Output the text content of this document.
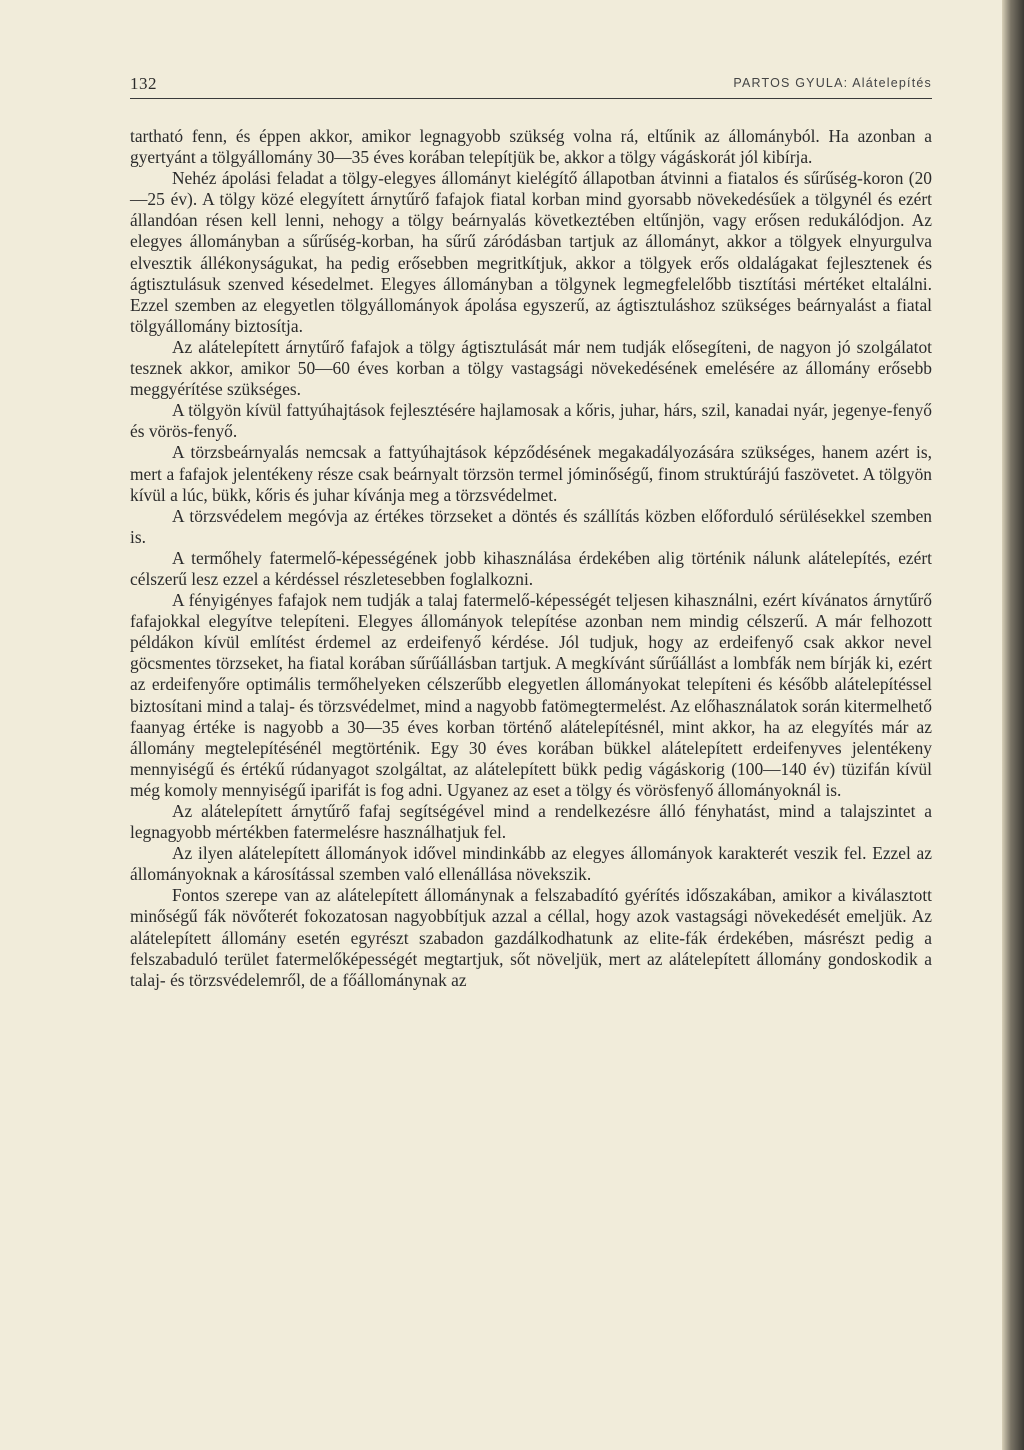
132	PARTOS GYULA: Alátelepítés

tartható fenn, és éppen akkor, amikor legnagyobb szükség volna rá, eltűnik az állományból. Ha azonban a gyertyánt a tölgyállomány 30—35 éves korában telepítjük be, akkor a tölgy vágáskorát jól kibírja.

Nehéz ápolási feladat a tölgy-elegyes állományt kielégítő állapotban átvinni a fiatalos és sűrűség-koron (20—25 év). A tölgy közé elegyített árnytűrő fafajok fiatal korban mind gyorsabb növekedésűek a tölgynél és ezért állandóan résen kell lenni, nehogy a tölgy beárnyalás következtében eltűnjön, vagy erősen redukálódjon. Az elegyes állományban a sűrűség-korban, ha sűrű záródásban tartjuk az állományt, akkor a tölgyek elnyurgulva elvesztik állékonyságukat, ha pedig erősebben megritkítjuk, akkor a tölgyek erős oldalágakat fejlesztenek és ágtisztulásuk szenved késedelmet. Elegyes állományban a tölgynek legmegfelelőbb tisztítási mértéket eltalálni. Ezzel szemben az elegyetlen tölgyállományok ápolása egyszerű, az ágtisztuláshoz szükséges beárnyalást a fiatal tölgyállomány biztosítja.

Az alátelepített árnytűrő fafajok a tölgy ágtisztulását már nem tudják elősegíteni, de nagyon jó szolgálatot tesznek akkor, amikor 50—60 éves korban a tölgy vastagsági növekedésének emelésére az állomány erősebb meggyérítése szükséges.

A tölgyön kívül fattyúhajtások fejlesztésére hajlamosak a kőris, juhar, hárs, szil, kanadai nyár, jegenye-fenyő és vörös-fenyő.

A törzsbeárnyalás nemcsak a fattyúhajtások képződésének megakadályozására szükséges, hanem azért is, mert a fafajok jelentékeny része csak beárnyalt törzsön termel jóminőségű, finom struktúrájú faszövetet. A tölgyön kívül a lúc, bükk, kőris és juhar kívánja meg a törzsvédelmet.

A törzsvédelem megóvja az értékes törzseket a döntés és szállítás közben előforduló sérülésekkel szemben is.

A termőhely fatermelő-képességének jobb kihasználása érdekében alig történik nálunk alátelepítés, ezért célszerű lesz ezzel a kérdéssel részletesebben foglalkozni.

A fényigényes fafajok nem tudják a talaj fatermelő-képességét teljesen kihasználni, ezért kívánatos árnytűrő fafajokkal elegyítve telepíteni. Elegyes állományok telepítése azonban nem mindig célszerű. A már felhozott példákon kívül említést érdemel az erdeifenyő kérdése. Jól tudjuk, hogy az erdeifenyő csak akkor nevel göcsmentes törzseket, ha fiatal korában sűrűállásban tartjuk. A megkívánt sűrűállást a lombfák nem bírják ki, ezért az erdeifenyőre optimális termőhelyeken célszerűbb elegyetlen állományokat telepíteni és később alátelepítéssel biztosítani mind a talaj- és törzsvédelmet, mind a nagyobb fatömegtermelést. Az előhasználatok során kitermelhető faanyag értéke is nagyobb a 30—35 éves korban történő alátelepítésnél, mint akkor, ha az elegyítés már az állomány megtelepítésénél megtörténik. Egy 30 éves korában bükkel alátelepített erdeifenyves jelentékeny mennyiségű és értékű rúdanyagot szolgáltat, az alátelepített bükk pedig vágáskorig (100—140 év) tüzifán kívül még komoly mennyiségű iparifát is fog adni. Ugyanez az eset a tölgy és vörösfenyő állományoknál is.

Az alátelepített árnytűrő fafaj segítségével mind a rendelkezésre álló fényhatást, mind a talajszintet a legnagyobb mértékben fatermelésre használhatjuk fel.

Az ilyen alátelepített állományok idővel mindinkább az elegyes állományok karakterét veszik fel. Ezzel az állományoknak a károsítással szemben való ellenállása növekszik.

Fontos szerepe van az alátelepített állománynak a felszabadító gyérítés időszakában, amikor a kiválasztott minőségű fák növőterét fokozatosan nagyobbítjuk azzal a céllal, hogy azok vastagsági növekedését emeljük. Az alátelepített állomány esetén egyrészt szabadon gazdálkodhatunk az elite-fák érdekében, másrészt pedig a felszabaduló terület fatermelőképességét megtartjuk, sőt növeljük, mert az alátelepített állomány gondoskodik a talaj- és törzsvédelemről, de a főállománynak az
